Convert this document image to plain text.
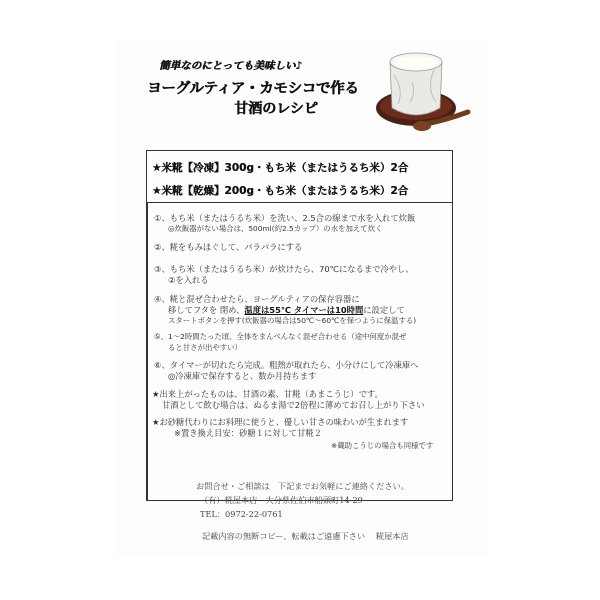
簡単なのにとっても美味しい♪
ヨーグルティア・カモシコで作る
甘酒のレシピ
★米糀【冷凍】300g・もち米（またはうるち米）2合
★米糀【乾燥】200g・もち米（またはうるち米）2合
①、もち米（またはうるち米）を洗い、2.5合の線まで水を入れて炊飯
◎炊飯器がない場合は、500ml(約2.5カップ）の水を加えて炊く
②、糀をもみほぐして、パラパラにする
③、もち米（またはうるち米）が炊けたら、70℃になるまで冷やし、
②を入れる
④、糀と混ぜ合わせたら、ヨーグルティアの保存容器に
移してフタを 閉め、温度は55℃ タイマーは10時間に設定して
スタートボタンを押す(炊飯器の場合は50℃〜60℃を保つように保温する)
⑤、1〜2時間たった頃、全体をまんべんなく混ぜ合わせる（途中何度か混ぜ
ると甘さが出やすい）
⑥、タイマーが切れたら完成。粗熱が取れたら、小分けにして冷凍庫へ
◎冷凍庫で保存すると、数か月持ちます
★出来上がったものは、甘酒の素、甘糀（あまこうじ）です。
甘酒として飲む場合は、ぬるま湯で2倍程に薄めてお召し上がり下さい
★お砂糖代わりにお料理に使うと、優しい甘さの味わいが生まれます
※置き換え目安：砂糖１に対して甘糀２
※蔵助こうじの場合も同様です
お問合せ・ご相談は　下記までお気軽にご連絡ください。
（有）糀屋本店　大分県佐伯市船頭町14-29
TEL：0972-22-0761
記載内容の無断コピー、転載はご遠慮下さい　 糀屋本店
